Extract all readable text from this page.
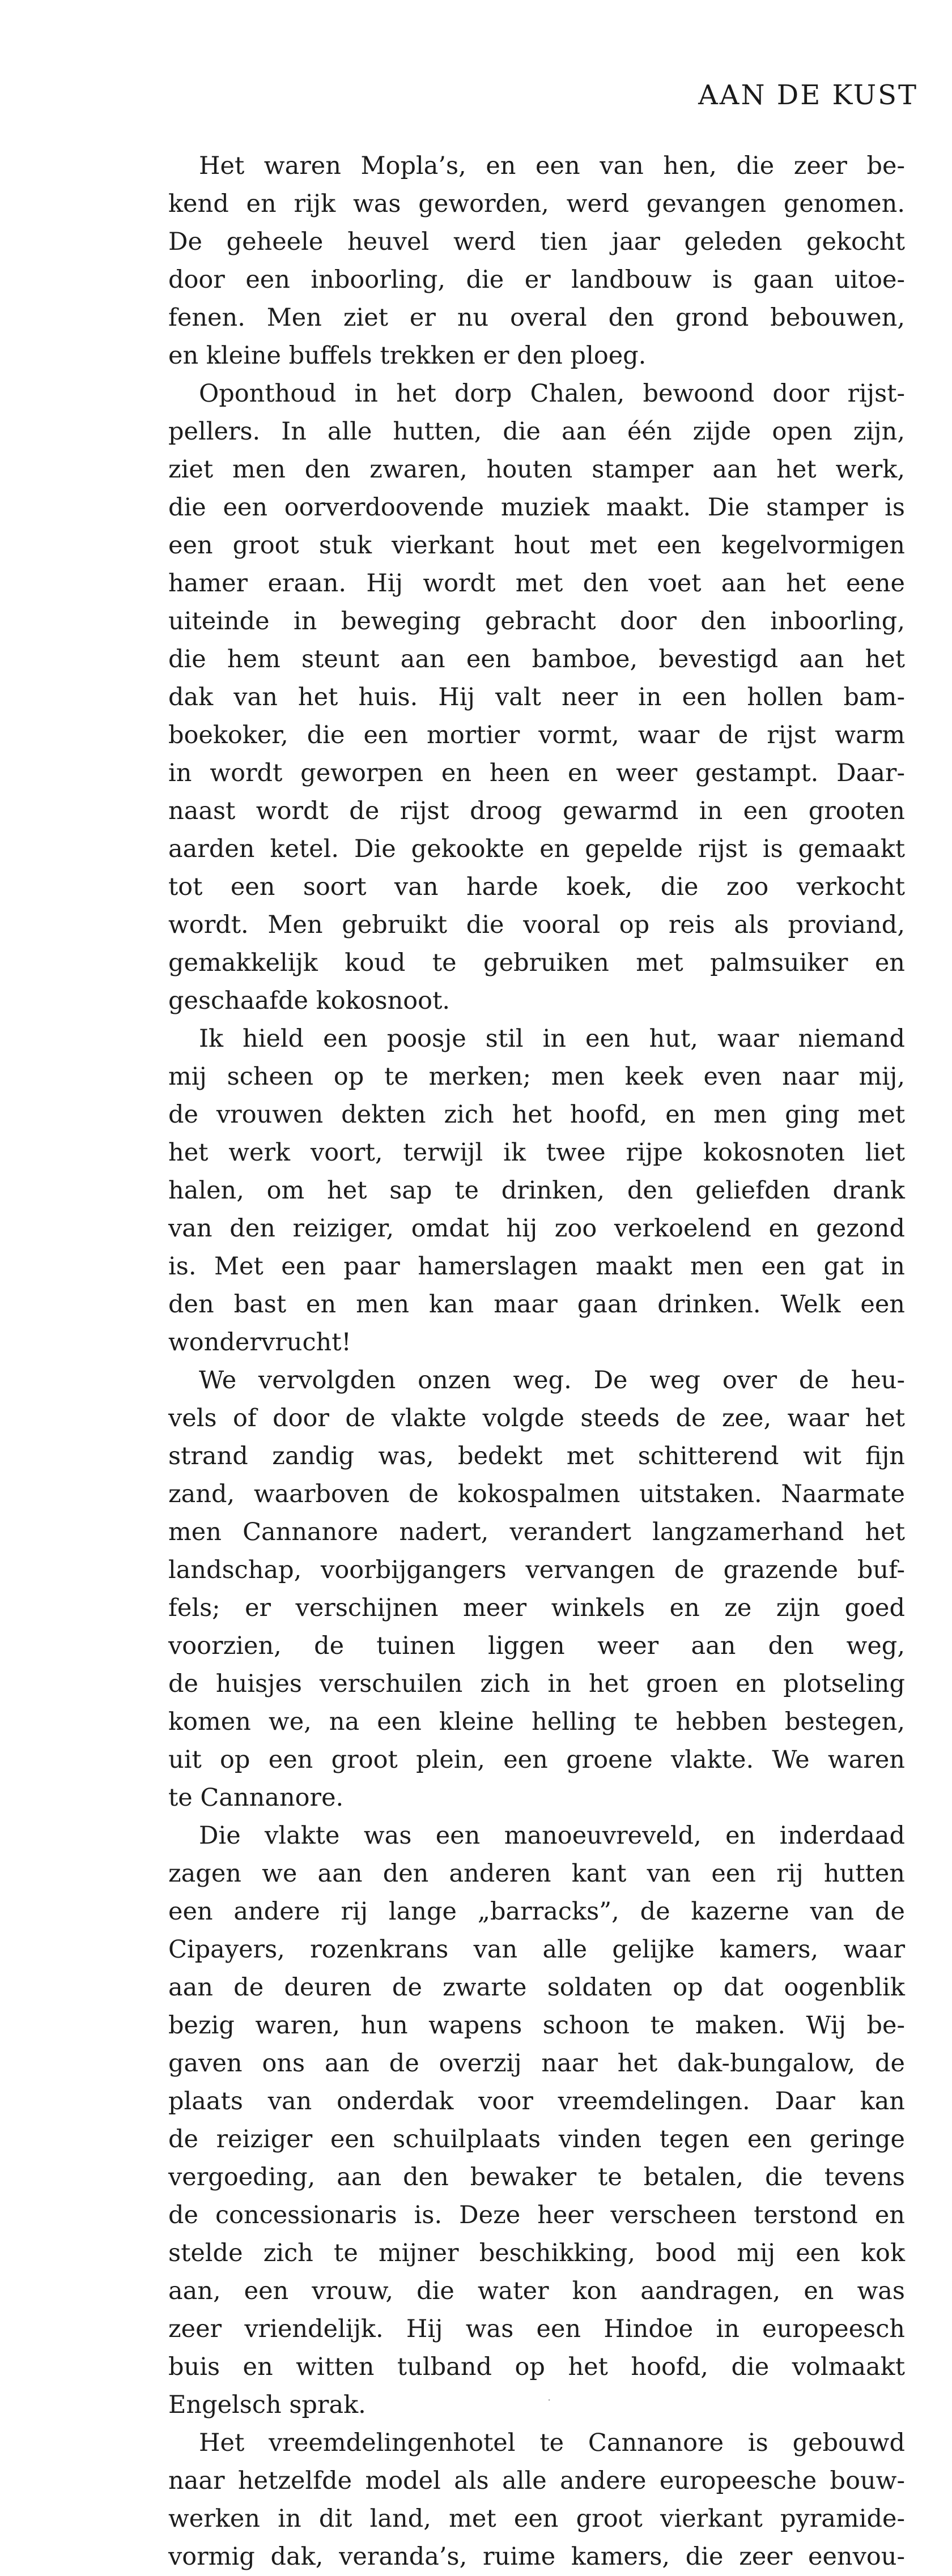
AAN DE KUST
Het waren Mopla’s, en een van hen, die zeer be-
kend en rijk was geworden, werd gevangen genomen.
De geheele heuvel werd tien jaar geleden gekocht
door een inboorling, die er landbouw is gaan uitoe-
fenen. Men ziet er nu overal den grond bebouwen,
en kleine buffels trekken er den ploeg.
Oponthoud in het dorp Chalen, bewoond door rijst-
pellers. In alle hutten, die aan één zijde open zijn,
ziet men den zwaren, houten stamper aan het werk,
die een oorverdoovende muziek maakt. Die stamper is
een groot stuk vierkant hout met een kegelvormigen
hamer eraan. Hij wordt met den voet aan het eene
uiteinde in beweging gebracht door den inboorling,
die hem steunt aan een bamboe, bevestigd aan het
dak van het huis. Hij valt neer in een hollen bam-
boekoker, die een mortier vormt, waar de rijst warm
in wordt geworpen en heen en weer gestampt. Daar-
naast wordt de rijst droog gewarmd in een grooten
aarden ketel. Die gekookte en gepelde rijst is gemaakt
tot een soort van harde koek, die zoo verkocht
wordt. Men gebruikt die vooral op reis als proviand,
gemakkelijk koud te gebruiken met palmsuiker en
geschaafde kokosnoot.
Ik hield een poosje stil in een hut, waar niemand
mij scheen op te merken; men keek even naar mij,
de vrouwen dekten zich het hoofd, en men ging met
het werk voort, terwijl ik twee rijpe kokosnoten liet
halen, om het sap te drinken, den geliefden drank
van den reiziger, omdat hij zoo verkoelend en gezond
is. Met een paar hamerslagen maakt men een gat in
den bast en men kan maar gaan drinken. Welk een
wondervrucht!
We vervolgden onzen weg. De weg over de heu-
vels of door de vlakte volgde steeds de zee, waar het
strand zandig was, bedekt met schitterend wit fijn
zand, waarboven de kokospalmen uitstaken. Naarmate
men Cannanore nadert, verandert langzamerhand het
landschap, voorbijgangers vervangen de grazende buf-
fels; er verschijnen meer winkels en ze zijn goed
voorzien, de tuinen liggen weer aan den weg,
de huisjes verschuilen zich in het groen en plotseling
komen we, na een kleine helling te hebben bestegen,
uit op een groot plein, een groene vlakte. We waren
te Cannanore.
Die vlakte was een manoeuvreveld, en inderdaad
zagen we aan den anderen kant van een rij hutten
een andere rij lange „barracks”, de kazerne van de
Cipayers, rozenkrans van alle gelijke kamers, waar
aan de deuren de zwarte soldaten op dat oogenblik
bezig waren, hun wapens schoon te maken. Wij be-
gaven ons aan de overzij naar het dak-bungalow, de
plaats van onderdak voor vreemdelingen. Daar kan
de reiziger een schuilplaats vinden tegen een geringe
vergoeding, aan den bewaker te betalen, die tevens
de concessionaris is. Deze heer verscheen terstond en
stelde zich te mijner beschikking, bood mij een kok
aan, een vrouw, die water kon aandragen, en was
zeer vriendelijk. Hij was een Hindoe in europeesch
buis en witten tulband op het hoofd, die volmaakt
Engelsch sprak.
Het vreemdelingenhotel te Cannanore is gebouwd
naar hetzelfde model als alle andere europeesche bouw-
werken in dit land, met een groot vierkant pyramide-
vormig dak, veranda’s, ruime kamers, die zeer eenvou-
·
